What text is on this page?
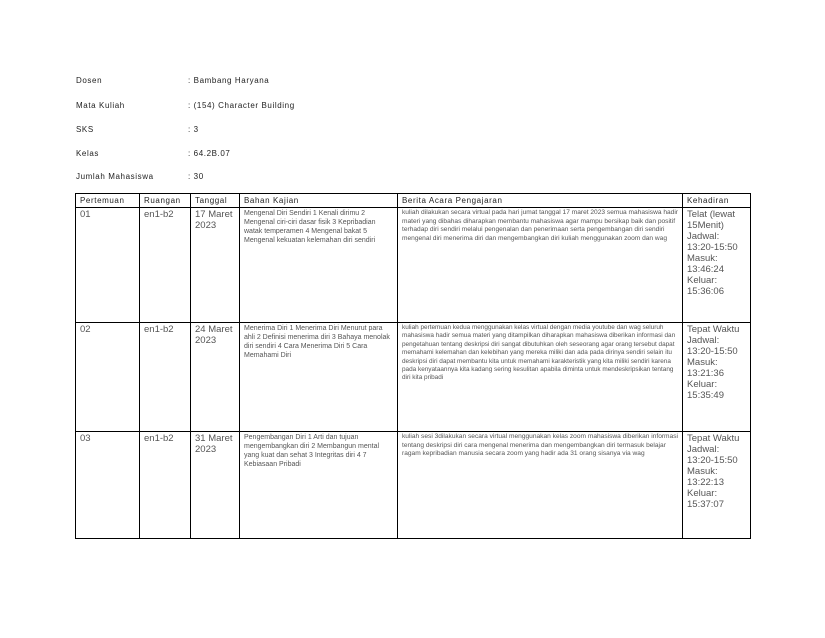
Dosen	: Bambang Haryana
Mata Kuliah	: (154) Character Building
SKS	: 3
Kelas	: 64.2B.07
Jumlah Mahasiswa	: 30
Pertemuan	Ruangan	Tanggal	Bahan Kajian	Berita Acara Pengajaran	Kehadiran
01	en1-b2	17 Maret 2023	Mengenal Diri Sendiri 1 Kenali dirimu 2 Mengenal ciri-ciri dasar fisik 3 Kepribadian watak temperamen 4 Mengenal bakat 5 Mengenal kekuatan kelemahan diri sendiri	kuliah dilakukan secara virtual pada hari jumat tanggal 17 maret 2023 semua mahasiswa hadir materi yang dibahas diharapkan membantu mahasiswa agar mampu bersikap baik dan positif terhadap diri sendiri melalui pengenalan dan penerimaan serta pengembangan diri sendiri mengenal diri menerima diri dan mengembangkan diri kuliah menggunakan zoom dan wag	Telat (lewat 15Menit) Jadwal: 13:20-15:50 Masuk: 13:46:24 Keluar: 15:36:06
02	en1-b2	24 Maret 2023	Menerima Diri 1 Menerima Diri Menurut para ahli 2 Definisi menerima diri 3 Bahaya menolak diri sendiri 4 Cara Menerima Diri 5 Cara Memahami Diri	kuliah pertemuan kedua menggunakan kelas virtual dengan media youtube dan wag seluruh mahasiswa hadir semua materi yang ditampilkan diharapkan mahasiswa diberikan informasi dan pengetahuan tentang deskripsi diri sangat dibutuhkan oleh seseorang agar orang tersebut dapat memahami kelemahan dan kelebihan yang mereka miliki dan ada pada dirinya sendiri selain itu deskripsi diri dapat membantu kita untuk memahami karakteristik yang kita miliki sendiri karena pada kenyataannya kita kadang sering kesulitan apabila diminta untuk mendeskripsikan tentang diri kita pribadi	Tepat Waktu Jadwal: 13:20-15:50 Masuk: 13:21:36 Keluar: 15:35:49
03	en1-b2	31 Maret 2023	Pengembangan Diri 1 Arti dan tujuan mengembangkan diri 2 Membangun mental yang kuat dan sehat 3 Integritas diri 4 7 Kebiasaan Pribadi	kuliah sesi 3dilakukan secara virtual menggunakan kelas zoom mahasiswa diberikan informasi tentang deskripsi diri cara mengenal menerima dan mengembangkan diri termasuk belajar ragam kepribadian manusia secara zoom yang hadir ada 31 orang sisanya via wag	Tepat Waktu Jadwal: 13:20-15:50 Masuk: 13:22:13 Keluar: 15:37:07
